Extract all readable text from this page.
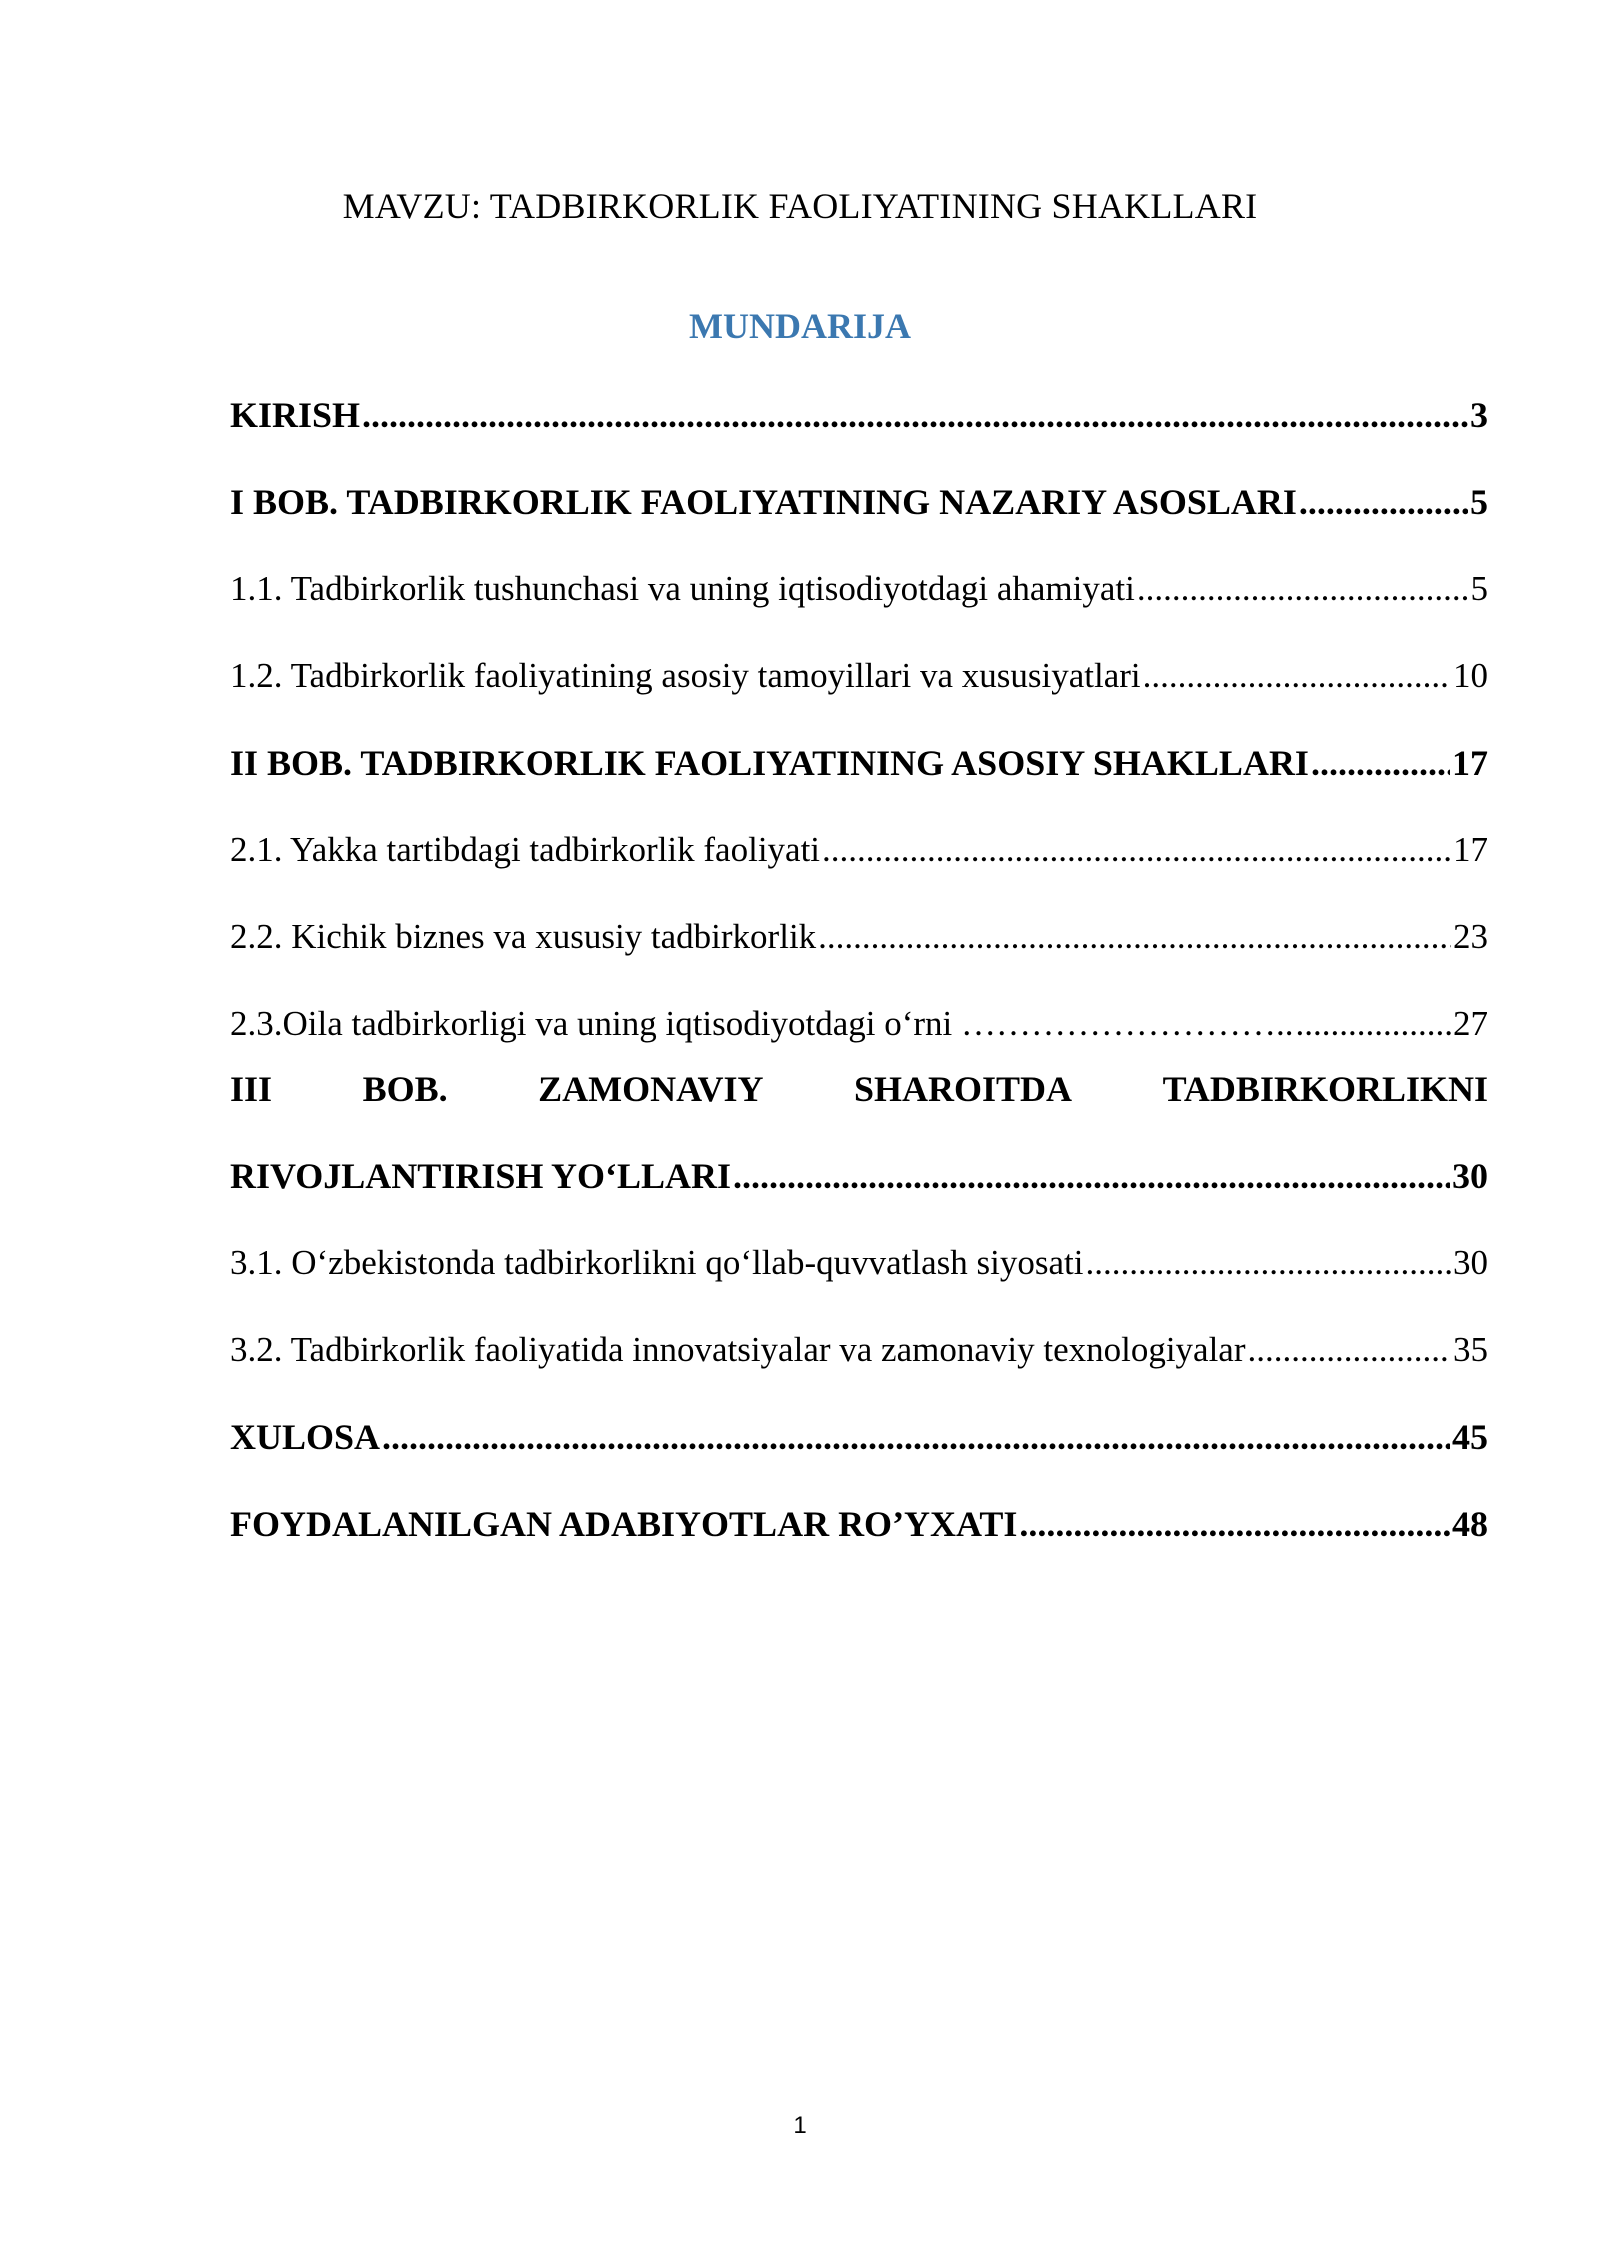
MAVZU: TADBIRKORLIK FAOLIYATINING SHAKLLARI
MUNDARIJA
KIRISH .....	3
I BOB. TADBIRKORLIK FAOLIYATINING NAZARIY ASOSLARI .....	5
1.1. Tadbirkorlik tushunchasi va uning iqtisodiyotdagi ahamiyati .....	5
1.2. Tadbirkorlik faoliyatining asosiy tamoyillari va xususiyatlari .....	10
II BOB. TADBIRKORLIK FAOLIYATINING ASOSIY SHAKLLARI .....	17
2.1. Yakka tartibdagi tadbirkorlik faoliyati .....	17
2.2. Kichik biznes va xususiy tadbirkorlik .....	23
2.3.Oila tadbirkorligi va uning iqtisodiyotdagi o‘rni ……………………….. .....	27
III	BOB.	ZAMONAVIY	SHAROITDA	TADBIRKORLIKNI
RIVOJLANTIRISH YO‘LLARI .....	30
3.1. O‘zbekistonda tadbirkorlikni qo‘llab-quvvatlash siyosati .....	30
3.2. Tadbirkorlik faoliyatida innovatsiyalar va zamonaviy texnologiyalar .....	35
XULOSA .....	45
FOYDALANILGAN ADABIYOTLAR RO’YXATI .....	48
1
